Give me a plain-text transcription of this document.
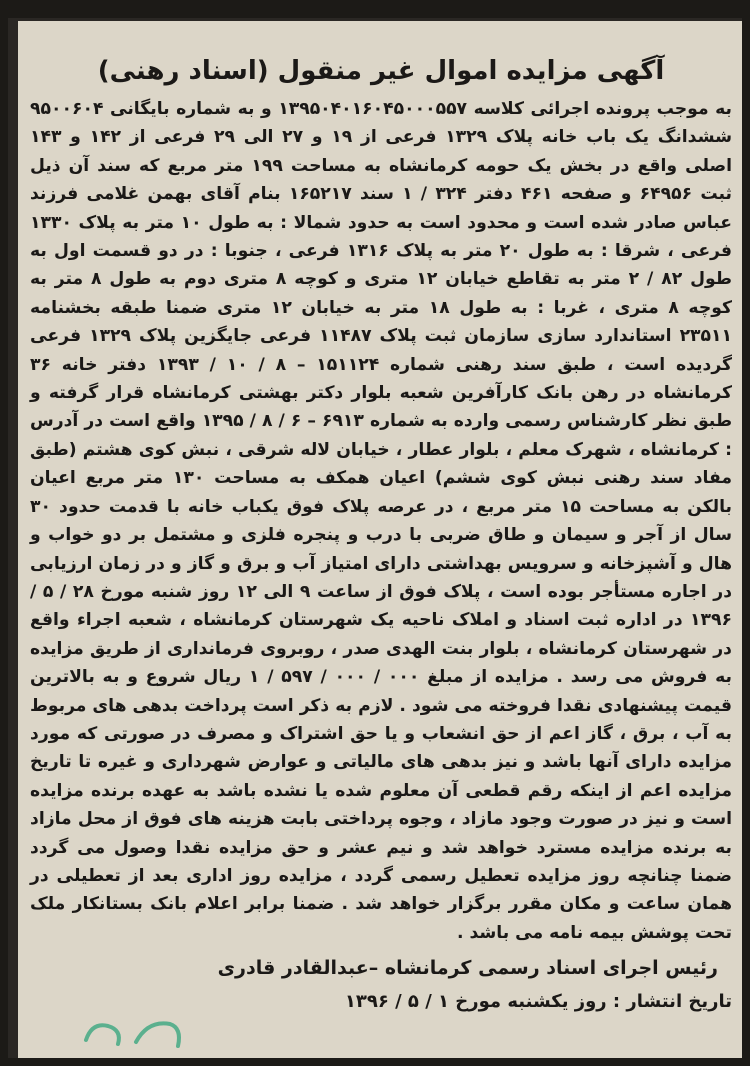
آگهی مزایده اموال غیر منقول (اسناد رهنی)

به موجب پرونده اجرائی کلاسه ۱۳۹۵۰۴۰۱۶۰۴۵۰۰۰۵۵۷ و به شماره بایگانی ۹۵۰۰۶۰۴ ششدانگ یک باب خانه پلاک ۱۳۲۹ فرعی از ۱۹ و ۲۷ الی ۲۹ فرعی از ۱۴۲ و ۱۴۳ اصلی واقع در بخش یک حومه کرمانشاه به مساحت ۱۹۹ متر مربع که سند آن ذیل ثبت ۶۴۹۵۶ و صفحه ۴۶۱ دفتر ۳۲۴ / ۱ سند ۱۶۵۲۱۷ بنام آقای بهمن غلامی فرزند عباس صادر شده است و محدود است به حدود شمالا : به طول ۱۰ متر به پلاک ۱۳۳۰ فرعی ، شرقا : به طول ۲۰ متر به پلاک ۱۳۱۶ فرعی ، جنوبا : در دو قسمت اول به طول ۸۲ / ۲ متر به تقاطع خیابان ۱۲ متری و کوچه ۸ متری دوم به طول ۸ متر به کوچه ۸ متری ، غربا : به طول ۱۸ متر به خیابان ۱۲ متری ضمنا طبقه بخشنامه ۲۳۵۱۱ استاندارد سازی سازمان ثبت پلاک ۱۱۴۸۷ فرعی جایگزین پلاک ۱۳۲۹ فرعی گردیده است ، طبق سند رهنی شماره ۱۵۱۱۲۴ – ۸ / ۱۰ / ۱۳۹۳ دفتر خانه ۳۶ کرمانشاه در رهن بانک کارآفرین شعبه بلوار دکتر بهشتی کرمانشاه قرار گرفته و طبق نظر کارشناس رسمی وارده به شماره ۶۹۱۳ – ۶ / ۸ / ۱۳۹۵ واقع است در آدرس : کرمانشاه ، شهرک معلم ، بلوار عطار ، خیابان لاله شرقی ، نبش کوی هشتم (طبق مفاد سند رهنی نبش کوی ششم) اعیان همکف به مساحت ۱۳۰ متر مربع اعیان بالکن به مساحت ۱۵ متر مربع ، در عرصه پلاک فوق یکباب خانه با قدمت حدود ۳۰ سال از آجر و سیمان و طاق ضربی با درب و پنجره فلزی و مشتمل بر دو خواب و هال و آشپزخانه و سرویس بهداشتی دارای امتیاز آب و برق و گاز و در زمان ارزیابی در اجاره مستأجر بوده است ، پلاک فوق از ساعت ۹ الی ۱۲ روز شنبه مورخ ۲۸ / ۵ / ۱۳۹۶ در اداره ثبت اسناد و املاک ناحیه یک شهرستان کرمانشاه ، شعبه اجراء واقع در شهرستان کرمانشاه ، بلوار بنت الهدی صدر ، روبروی فرمانداری از طریق مزایده به فروش می رسد . مزایده از مبلغ ۰۰۰ / ۰۰۰ / ۵۹۷ / ۱ ریال شروع و به بالاترین قیمت پیشنهادی نقدا فروخته می شود . لازم به ذکر است پرداخت بدهی های مربوط به آب ، برق ، گاز اعم از حق انشعاب و یا حق اشتراک و مصرف در صورتی که مورد مزایده دارای آنها باشد و نیز بدهی های مالیاتی و عوارض شهرداری و غیره تا تاریخ مزایده اعم از اینکه رقم قطعی آن معلوم شده یا نشده باشد به عهده برنده مزایده است و نیز در صورت وجود مازاد ، وجوه پرداختی بابت هزینه های فوق از محل مازاد به برنده مزایده مسترد خواهد شد و نیم عشر و حق مزایده نقدا وصول می گردد ضمنا چنانچه روز مزایده تعطیل رسمی گردد ، مزایده روز اداری بعد از تعطیلی در همان ساعت و مکان مقرر برگزار خواهد شد . ضمنا برابر اعلام بانک بستانکار ملک تحت پوشش بیمه نامه می باشد .

رئیس اجرای اسناد رسمی کرمانشاه –عبدالقادر قادری
تاریخ انتشار : روز یکشنبه مورخ ۱ / ۵ / ۱۳۹۶
